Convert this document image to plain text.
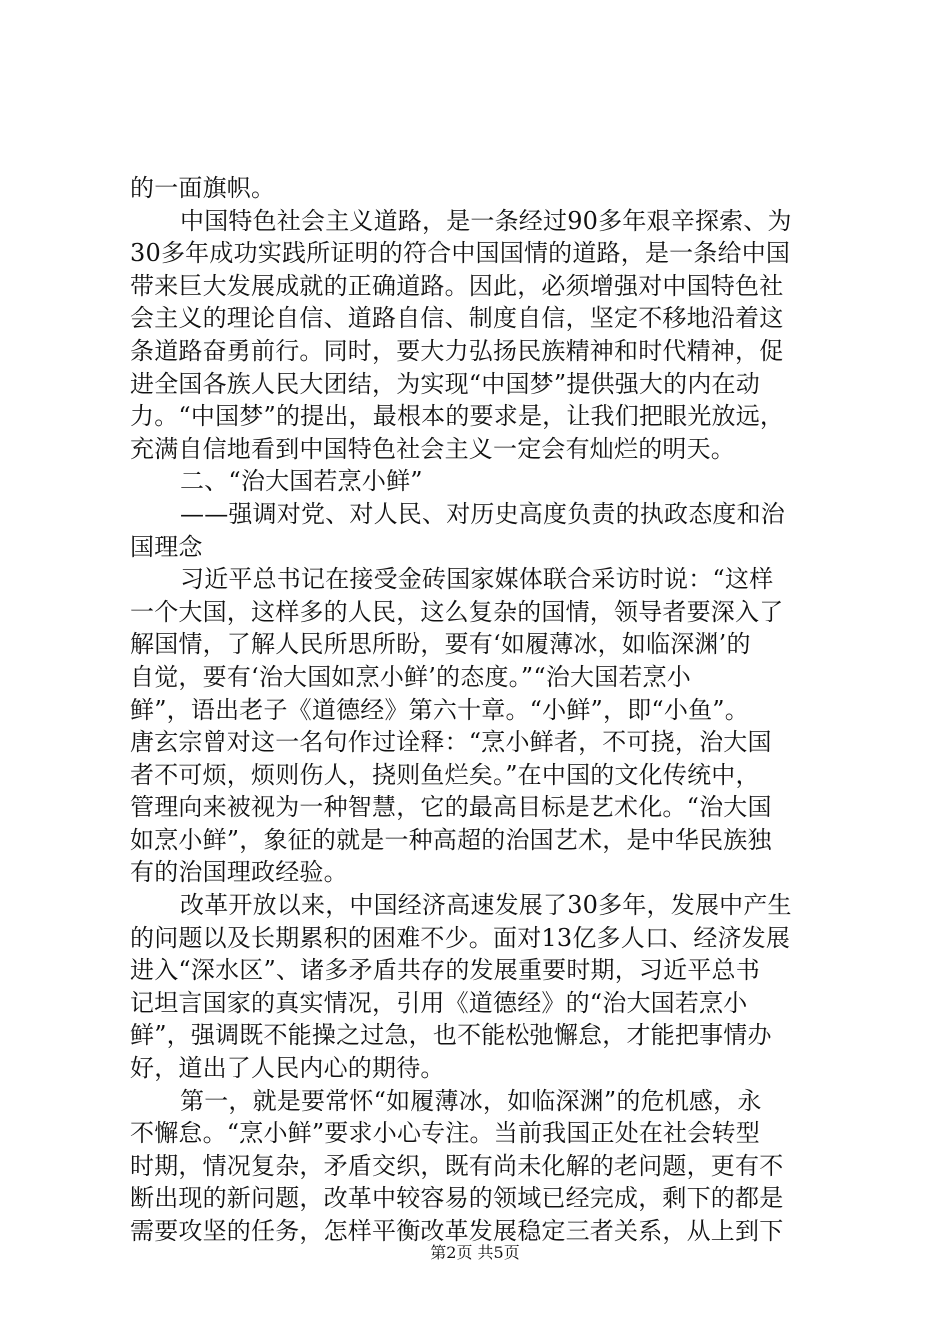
的一面旗帜。
中国特色社会主义道路，是一条经过90多年艰辛探索、为
30多年成功实践所证明的符合中国国情的道路，是一条给中国
带来巨大发展成就的正确道路。因此，必须增强对中国特色社
会主义的理论自信、道路自信、制度自信，坚定不移地沿着这
条道路奋勇前行。同时，要大力弘扬民族精神和时代精神，促
进全国各族人民大团结，为实现“中国梦”提供强大的内在动
力。“中国梦”的提出，最根本的要求是，让我们把眼光放远，
充满自信地看到中国特色社会主义一定会有灿烂的明天。
二、“治大国若烹小鲜”
——强调对党、对人民、对历史高度负责的执政态度和治
国理念
习近平总书记在接受金砖国家媒体联合采访时说：“这样
一个大国，这样多的人民，这么复杂的国情，领导者要深入了
解国情，了解人民所思所盼，要有‘如履薄冰，如临深渊’的
自觉，要有‘治大国如烹小鲜’的态度。”“治大国若烹小
鲜”，语出老子《道德经》第六十章。“小鲜”，即“小鱼”。
唐玄宗曾对这一名句作过诠释：“烹小鲜者，不可挠，治大国
者不可烦，烦则伤人，挠则鱼烂矣。”在中国的文化传统中，
管理向来被视为一种智慧，它的最高目标是艺术化。“治大国
如烹小鲜”，象征的就是一种高超的治国艺术，是中华民族独
有的治国理政经验。
改革开放以来，中国经济高速发展了30多年，发展中产生
的问题以及长期累积的困难不少。面对13亿多人口、经济发展
进入“深水区”、诸多矛盾共存的发展重要时期，习近平总书
记坦言国家的真实情况，引用《道德经》的“治大国若烹小
鲜”，强调既不能操之过急，也不能松弛懈怠，才能把事情办
好，道出了人民内心的期待。
第一，就是要常怀“如履薄冰，如临深渊”的危机感，永
不懈怠。“烹小鲜”要求小心专注。当前我国正处在社会转型
时期，情况复杂，矛盾交织，既有尚未化解的老问题，更有不
断出现的新问题，改革中较容易的领域已经完成，剩下的都是
需要攻坚的任务，怎样平衡改革发展稳定三者关系，从上到下
第2页 共5页
